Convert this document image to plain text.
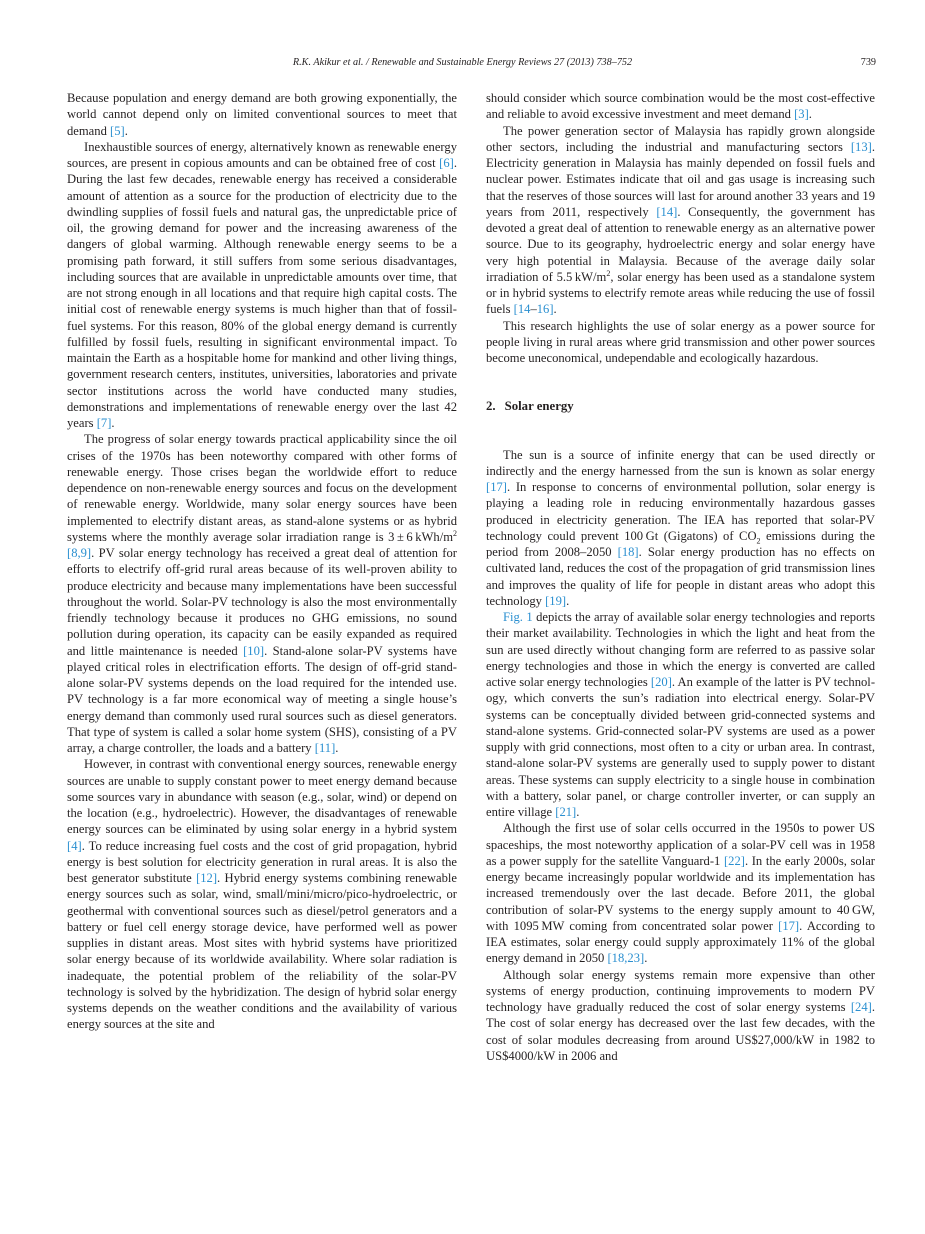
R.K. Akikur et al. / Renewable and Sustainable Energy Reviews 27 (2013) 738–752	739

Because population and energy demand are both growing exponentially, the world cannot depend only on limited conventional sources to meet that demand [5].

Inexhaustible sources of energy, alternatively known as renewable energy sources, are present in copious amounts and can be obtained free of cost [6]. During the last few decades, renewable energy has received a considerable amount of attention as a source for the production of electricity due to the dwindling supplies of fossil fuels and natural gas, the unpredictable price of oil, the growing demand for power and the increasing awareness of the dangers of global warming. Although renewable energy seems to be a promising path forward, it still suffers from some serious disadvantages, including sources that are available in unpredictable amounts over time, that are not strong enough in all locations and that require high capital costs. The initial cost of renewable energy systems is much higher than that of fossil-fuel systems. For this reason, 80% of the global energy demand is currently fulfilled by fossil fuels, resulting in significant environmental impact. To maintain the Earth as a hospitable home for mankind and other living things, government research centers, institutes, universities, laboratories and private sector institutions across the world have conducted many studies, demonstrations and implementations of renewable energy over the last 42 years [7].

The progress of solar energy towards practical applicability since the oil crises of the 1970s has been noteworthy compared with other forms of renewable energy. Those crises began the worldwide effort to reduce dependence on non-renewable energy sources and focus on the development of renewable energy. Worldwide, many solar energy sources have been implemented to electrify distant areas, as stand-alone systems or as hybrid systems where the monthly average solar irradiation range is 3 ± 6 kWh/$m^2$ [8,9]. PV solar energy technology has received a great deal of attention for efforts to electrify off-grid rural areas because of its well-proven ability to produce electricity and because many implementations have been successful throughout the world. Solar-PV technology is also the most environmentally friendly technology because it produces no GHG emissions, no sound pollution during operation, its capacity can be easily expanded as required and little maintenance is needed [10]. Stand-alone solar-PV systems have played critical roles in electrification efforts. The design of off-grid stand-alone solar-PV systems depends on the load required for the intended use. PV technology is a far more economical way of meeting a single house’s energy demand than commonly used rural sources such as diesel generators. That type of system is called a solar home system (SHS), consisting of a PV array, a charge controller, the loads and a battery [11].

However, in contrast with conventional energy sources, renewable energy sources are unable to supply constant power to meet energy demand because some sources vary in abundance with season (e.g., solar, wind) or depend on the location (e.g., hydroelectric). However, the disadvantages of renewable energy sources can be eliminated by using solar energy in a hybrid system [4]. To reduce increasing fuel costs and the cost of grid propagation, hybrid energy is best solution for electricity generation in rural areas. It is also the best generator substitute [12]. Hybrid energy systems combining renewable energy sources such as solar, wind, small/mini/micro/pico-hydroelectric, or geothermal with conventional sources such as diesel/petrol generators and a battery or fuel cell energy storage device, have performed well as power supplies in distant areas. Most sites with hybrid systems have prioritized solar energy because of its worldwide availability. Where solar radiation is inadequate, the potential problem of the reliability of the solar-PV technology is solved by the hybridization. The design of hybrid solar energy systems depends on the weather conditions and the availability of various energy sources at the site and

should consider which source combination would be the most cost-effective and reliable to avoid excessive investment and meet demand [3].

The power generation sector of Malaysia has rapidly grown alongside other sectors, including the industrial and manufacturing sectors [13]. Electricity generation in Malaysia has mainly depended on fossil fuels and nuclear power. Estimates indicate that oil and gas usage is increasing such that the reserves of those sources will last for around another 33 years and 19 years from 2011, respectively [14]. Consequently, the government has devoted a great deal of attention to renewable energy as an alternative power source. Due to its geography, hydroelectric energy and solar energy have very high potential in Malaysia. Because of the average daily solar irradiation of 5.5 $kW/m^2$, solar energy has been used as a standalone system or in hybrid systems to electrify remote areas while reducing the use of fossil fuels [14–16].

This research highlights the use of solar energy as a power source for people living in rural areas where grid transmission and other power sources become uneconomical, undependable and ecologically hazardous.

2. Solar energy

The sun is a source of infinite energy that can be used directly or indirectly and the energy harnessed from the sun is known as solar energy [17]. In response to concerns of environmental pollution, solar energy is playing a leading role in reducing environmentally hazardous gasses produced in electricity generation. The IEA has reported that solar-PV technology could prevent 100 Gt (Gigatons) of $CO_2$ emissions during the period from 2008–2050 [18]. Solar energy production has no effects on cultivated land, reduces the cost of the propagation of grid transmission lines and improves the quality of life for people in distant areas who adopt this technology [19].

Fig. 1 depicts the array of available solar energy technologies and reports their market availability. Technologies in which the light and heat from the sun are used directly without changing form are referred to as passive solar energy technologies and those in which the energy is converted are called active solar energy technologies [20]. An example of the latter is PV technology, which converts the sun’s radiation into electrical energy. Solar-PV systems can be conceptually divided between grid-connected systems and stand-alone systems. Grid-connected solar-PV systems are used as a power supply with grid connections, most often to a city or urban area. In contrast, stand-alone solar-PV systems are generally used to supply power to distant areas. These systems can supply electricity to a single house in combination with a battery, solar panel, or charge controller inverter, or can supply an entire village [21].

Although the first use of solar cells occurred in the 1950s to power US spaceships, the most noteworthy application of a solar-PV cell was in 1958 as a power supply for the satellite Vanguard-1 [22]. In the early 2000s, solar energy became increasingly popular worldwide and its implementation has increased tremendously over the last decade. Before 2011, the global contribution of solar-PV systems to the energy supply amount to 40 GW, with 1095 MW coming from concentrated solar power [17]. According to IEA estimates, solar energy could supply approximately 11% of the global energy demand in 2050 [18,23].

Although solar energy systems remain more expensive than other systems of energy production, continuing improvements to modern PV technology have gradually reduced the cost of solar energy systems [24]. The cost of solar energy has decreased over the last few decades, with the cost of solar modules decreasing from around US$27,000/kW in 1982 to US$4000/kW in 2006 and
